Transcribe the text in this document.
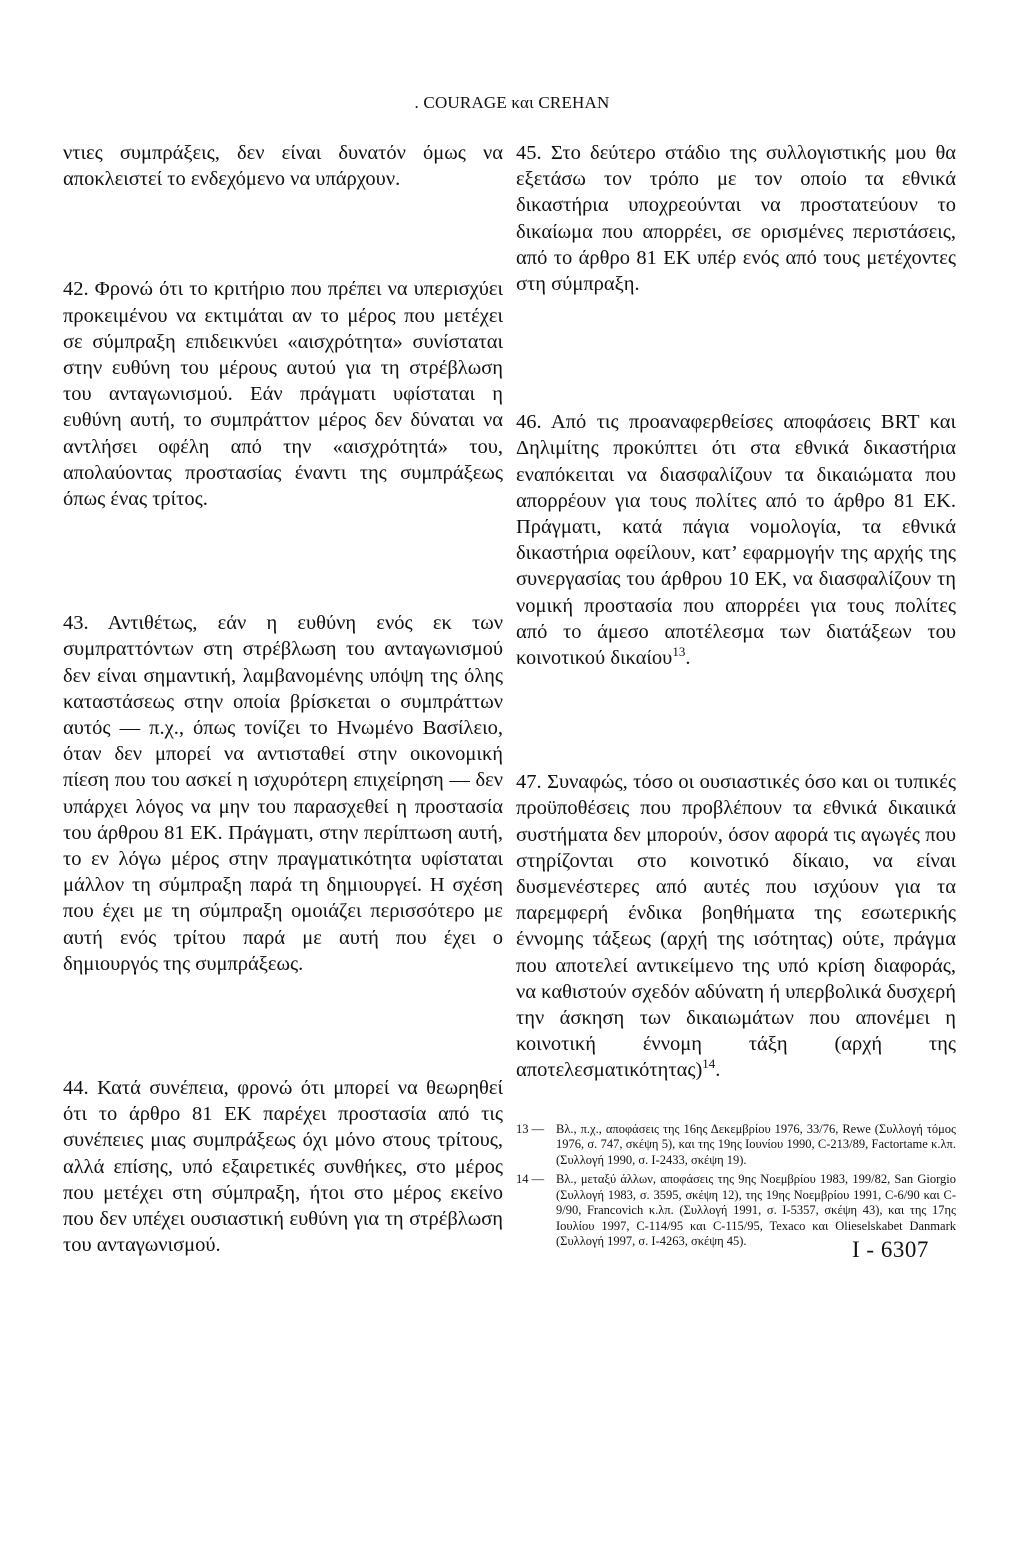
. COURAGE και CREHAN

ντιες συμπράξεις, δεν είναι δυνατόν όμως να αποκλειστεί το ενδεχόμενο να υπάρχουν.

42. Φρονώ ότι το κριτήριο που πρέπει να υπερισχύει προκειμένου να εκτιμάται αν το μέρος που μετέχει σε σύμπραξη επιδεικνύει «αισχρότητα» συνίσταται στην ευθύνη του μέρους αυτού για τη στρέβλωση του ανταγωνισμού. Εάν πράγματι υφίσταται η ευθύνη αυτή, το συμπράττον μέρος δεν δύναται να αντλήσει οφέλη από την «αισχρότητά» του, απολαύοντας προστασίας έναντι της συμπράξεως όπως ένας τρίτος.

43. Αντιθέτως, εάν η ευθύνη ενός εκ των συμπραττόντων στη στρέβλωση του ανταγωνισμού δεν είναι σημαντική, λαμβανομένης υπόψη της όλης καταστάσεως στην οποία βρίσκεται ο συμπράττων αυτός — π.χ., όπως τονίζει το Ηνωμένο Βασίλειο, όταν δεν μπορεί να αντισταθεί στην οικονομική πίεση που του ασκεί η ισχυρότερη επιχείρηση — δεν υπάρχει λόγος να μην του παρασχεθεί η προστασία του άρθρου 81 ΕΚ. Πράγματι, στην περίπτωση αυτή, το εν λόγω μέρος στην πραγματικότητα υφίσταται μάλλον τη σύμπραξη παρά τη δημιουργεί. Η σχέση που έχει με τη σύμπραξη ομοιάζει περισσότερο με αυτή ενός τρίτου παρά με αυτή που έχει ο δημιουργός της συμπράξεως.

44. Κατά συνέπεια, φρονώ ότι μπορεί να θεωρηθεί ότι το άρθρο 81 ΕΚ παρέχει προστασία από τις συνέπειες μιας συμπράξεως όχι μόνο στους τρίτους, αλλά επίσης, υπό εξαιρετικές συνθήκες, στο μέρος που μετέχει στη σύμπραξη, ήτοι στο μέρος εκείνο που δεν υπέχει ουσιαστική ευθύνη για τη στρέβλωση του ανταγωνισμού.

45. Στο δεύτερο στάδιο της συλλογιστικής μου θα εξετάσω τον τρόπο με τον οποίο τα εθνικά δικαστήρια υποχρεούνται να προστατεύουν το δικαίωμα που απορρέει, σε ορισμένες περιστάσεις, από το άρθρο 81 ΕΚ υπέρ ενός από τους μετέχοντες στη σύμπραξη.

46. Από τις προαναφερθείσες αποφάσεις BRT και Δηλιμίτης προκύπτει ότι στα εθνικά δικαστήρια εναπόκειται να διασφαλίζουν τα δικαιώματα που απορρέουν για τους πολίτες από το άρθρο 81 ΕΚ. Πράγματι, κατά πάγια νομολογία, τα εθνικά δικαστήρια οφείλουν, κατ’ εφαρμογήν της αρχής της συνεργασίας του άρθρου 10 ΕΚ, να διασφαλίζουν τη νομική προστασία που απορρέει για τους πολίτες από το άμεσο αποτέλεσμα των διατάξεων του κοινοτικού δικαίου$^{13}$.

47. Συναφώς, τόσο οι ουσιαστικές όσο και οι τυπικές προϋποθέσεις που προβλέπουν τα εθνικά δικαιικά συστήματα δεν μπορούν, όσον αφορά τις αγωγές που στηρίζονται στο κοινοτικό δίκαιο, να είναι δυσμενέστερες από αυτές που ισχύουν για τα παρεμφερή ένδικα βοηθήματα της εσωτερικής έννομης τάξεως (αρχή της ισότητας) ούτε, πράγμα που αποτελεί αντικείμενο της υπό κρίση διαφοράς, να καθιστούν σχεδόν αδύνατη ή υπερβολικά δυσχερή την άσκηση των δικαιωμάτων που απονέμει η κοινοτική έννομη τάξη (αρχή της αποτελεσματικότητας)$^{14}$.

13 — Βλ., π.χ., αποφάσεις της 16ης Δεκεμβρίου 1976, 33/76, Rewe (Συλλογή τόμος 1976, σ. 747, σκέψη 5), και της 19ης Ιουνίου 1990, C-213/89, Factortame κ.λπ. (Συλλογή 1990, σ. I-2433, σκέψη 19).
14 — Βλ., μεταξύ άλλων, αποφάσεις της 9ης Νοεμβρίου 1983, 199/82, San Giorgio (Συλλογή 1983, σ. 3595, σκέψη 12), της 19ης Νοεμβρίου 1991, C-6/90 και C-9/90, Francovich κ.λπ. (Συλλογή 1991, σ. I-5357, σκέψη 43), και της 17ης Ιουλίου 1997, C-114/95 και C-115/95, Texaco και Olieselskabet Danmark (Συλλογή 1997, σ. I-4263, σκέψη 45).	I - 6307
